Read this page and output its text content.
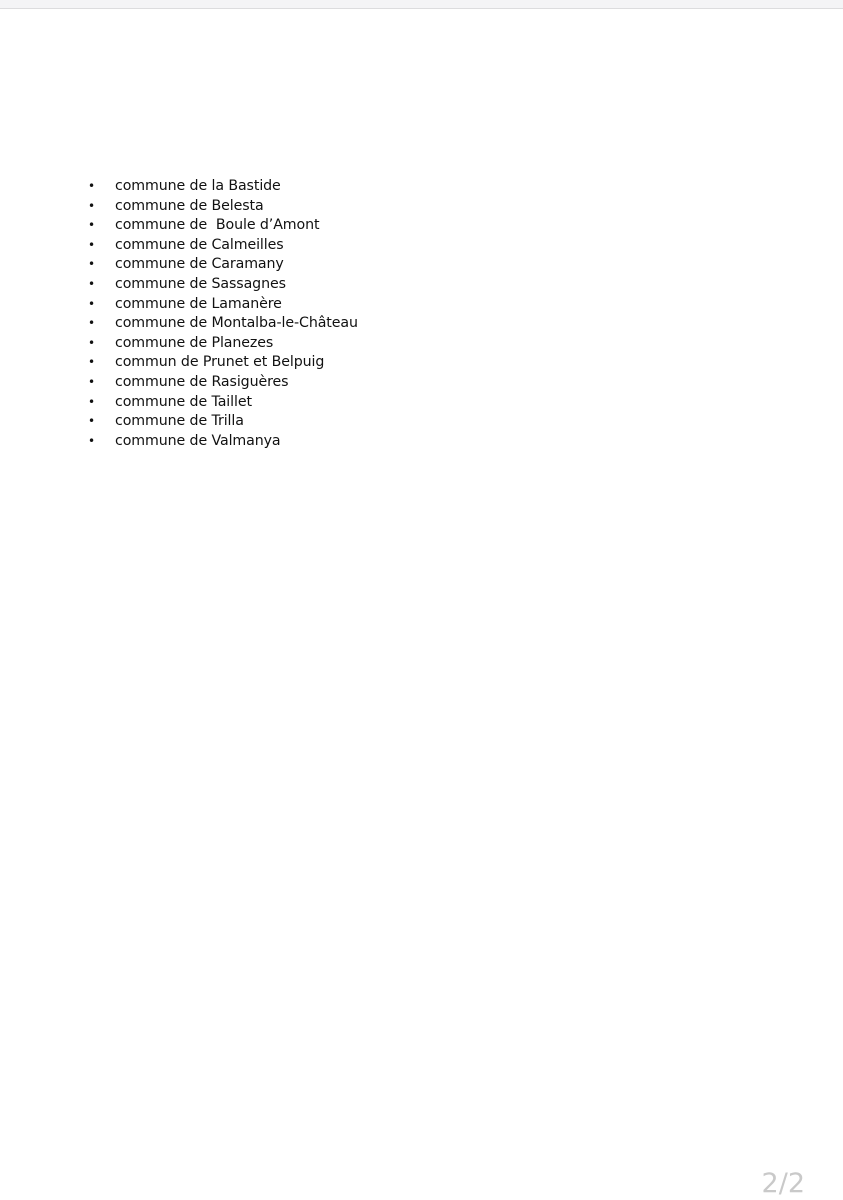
• commune de la Bastide
• commune de Belesta
• commune de  Boule d’Amont
• commune de Calmeilles
• commune de Caramany
• commune de Sassagnes
• commune de Lamanère
• commune de Montalba-le-Château
• commune de Planezes
• commun de Prunet et Belpuig
• commune de Rasiguères
• commune de Taillet
• commune de Trilla
• commune de Valmanya
2/2
